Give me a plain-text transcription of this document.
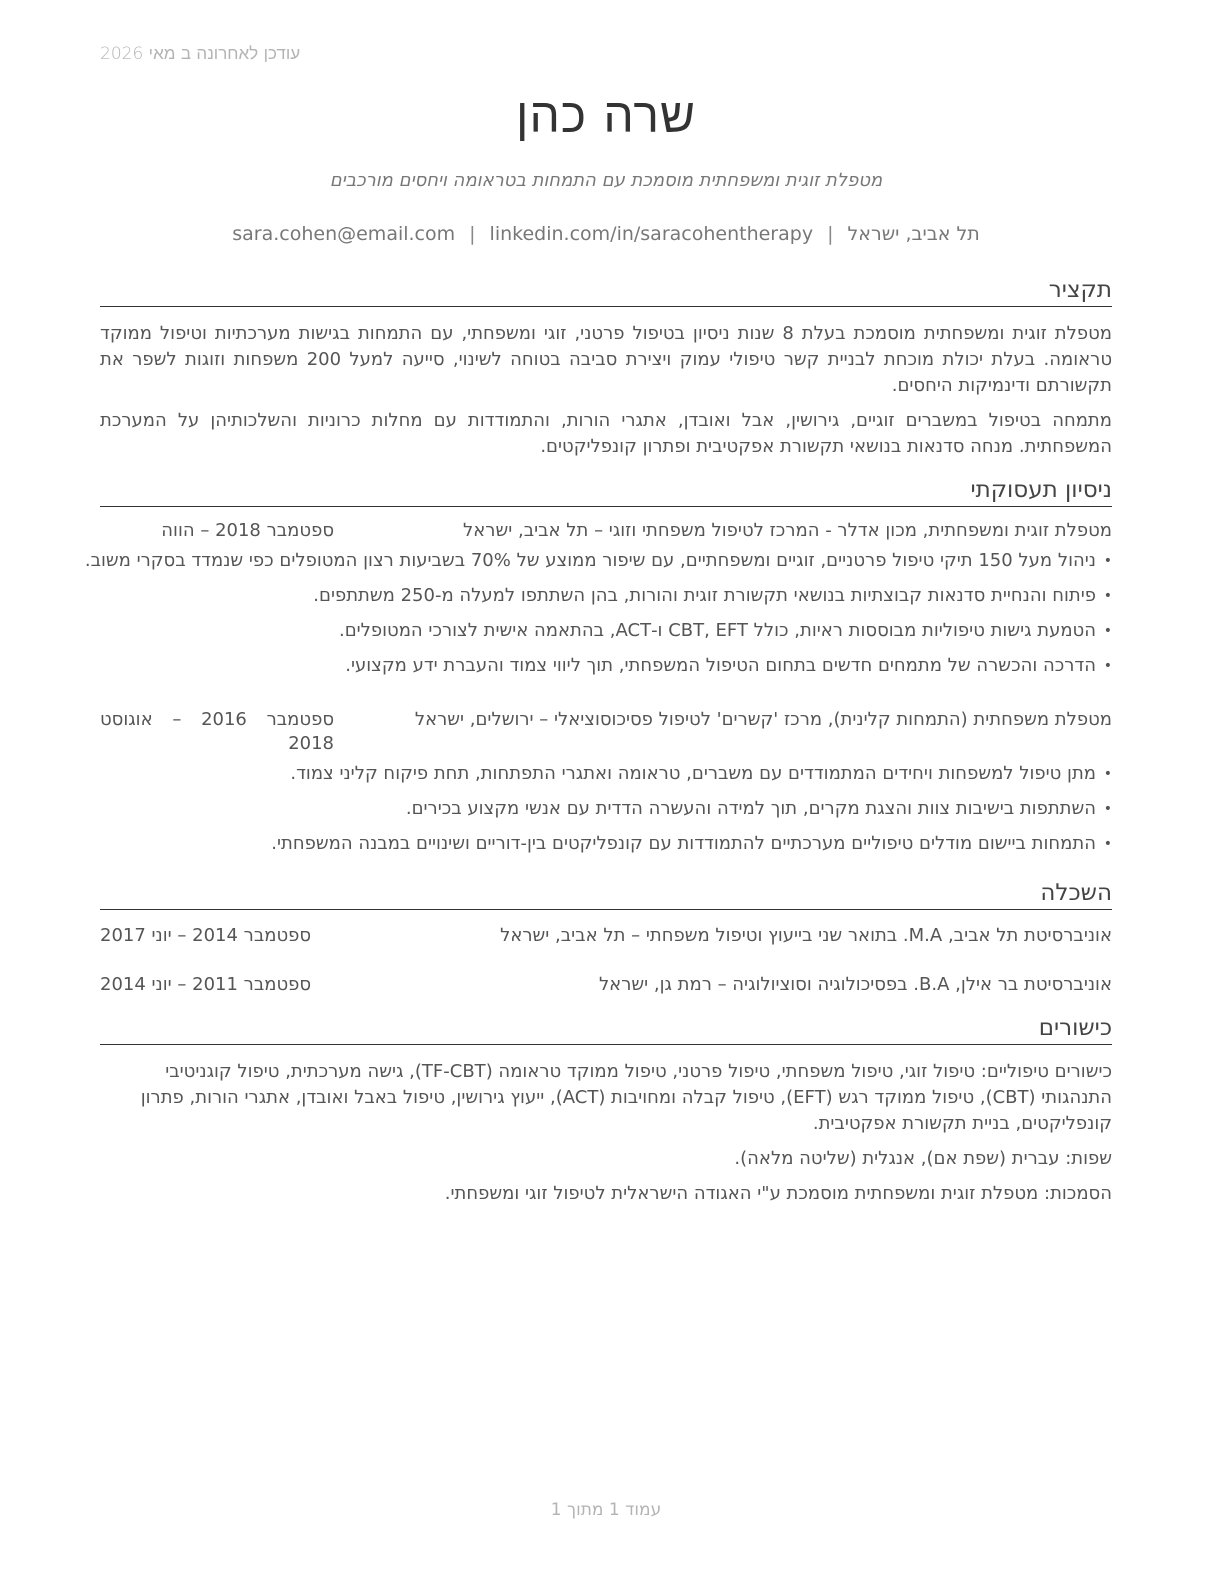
עודכן לאחרונה ב מאי 2026
שרה כהן
מטפלת זוגית ומשפחתית מוסמכת עם התמחות בטראומה ויחסים מורכבים
תל אביב, ישראל|sara.cohen@email.com | linkedin.com/in/saracohentherapy
תקציר

מטפלת זוגית ומשפחתית מוסמכת בעלת 8 שנות ניסיון בטיפול פרטני, זוגי ומשפחתי, עם התמחות בגישות מערכתיות וטיפול ממוקד טראומה. בעלת יכולת מוכחת לבניית קשר טיפולי עמוק ויצירת סביבה בטוחה לשינוי, סייעה למעל 200 משפחות וזוגות לשפר את תקשורתם ודינמיקות היחסים.

מתמחה בטיפול במשברים זוגיים, גירושין, אבל ואובדן, אתגרי הורות, והתמודדות עם מחלות כרוניות והשלכותיהן על המערכת המשפחתית. מנחה סדנאות בנושאי תקשורת אפקטיבית ופתרון קונפליקטים.

ניסיון תעסוקתי
מטפלת זוגית ומשפחתית, מכון אדלר - המרכז לטיפול משפחתי וזוגי – תל אביב, ישראל
ספטמבר 2018 – הווה
• ניהול מעל 150 תיקי טיפול פרטניים, זוגיים ומשפחתיים, עם שיפור ממוצע של 70% בשביעות רצון המטופלים כפי שנמדד בסקרי משוב.
• פיתוח והנחיית סדנאות קבוצתיות בנושאי תקשורת זוגית והורות, בהן השתתפו למעלה מ-250 משתתפים.
• הטמעת גישות טיפוליות מבוססות ראיות, כולל CBT, EFT ו-ACT, בהתאמה אישית לצורכי המטופלים.
• הדרכה והכשרה של מתמחים חדשים בתחום הטיפול המשפחתי, תוך ליווי צמוד והעברת ידע מקצועי.
מטפלת משפחתית (התמחות קלינית), מרכז 'קשרים' לטיפול פסיכוסוציאלי – ירושלים, ישראל
ספטמבר 2016 – אוגוסט 2018
• מתן טיפול למשפחות ויחידים המתמודדים עם משברים, טראומה ואתגרי התפתחות, תחת פיקוח קליני צמוד.
• השתתפות בישיבות צוות והצגת מקרים, תוך למידה והעשרה הדדית עם אנשי מקצוע בכירים.
• התמחות ביישום מודלים טיפוליים מערכתיים להתמודדות עם קונפליקטים בין-דוריים ושינויים במבנה המשפחתי.
השכלה
אוניברסיטת תל אביב, M.A. בתואר שני בייעוץ וטיפול משפחתי – תל אביב, ישראל
ספטמבר 2014 – יוני 2017
אוניברסיטת בר אילן, B.A. בפסיכולוגיה וסוציולוגיה – רמת גן, ישראל
ספטמבר 2011 – יוני 2014
כישורים

כישורים טיפוליים: טיפול זוגי, טיפול משפחתי, טיפול פרטני, טיפול ממוקד טראומה (TF-CBT), גישה מערכתית, טיפול קוגניטיבי התנהגותי (CBT), טיפול ממוקד רגש (EFT), טיפול קבלה ומחויבות (ACT), ייעוץ גירושין, טיפול באבל ואובדן, אתגרי הורות, פתרון קונפליקטים, בניית תקשורת אפקטיבית.

שפות: עברית (שפת אם), אנגלית (שליטה מלאה).

הסמכות: מטפלת זוגית ומשפחתית מוסמכת ע"י האגודה הישראלית לטיפול זוגי ומשפחתי.

עמוד 1 מתוך 1
